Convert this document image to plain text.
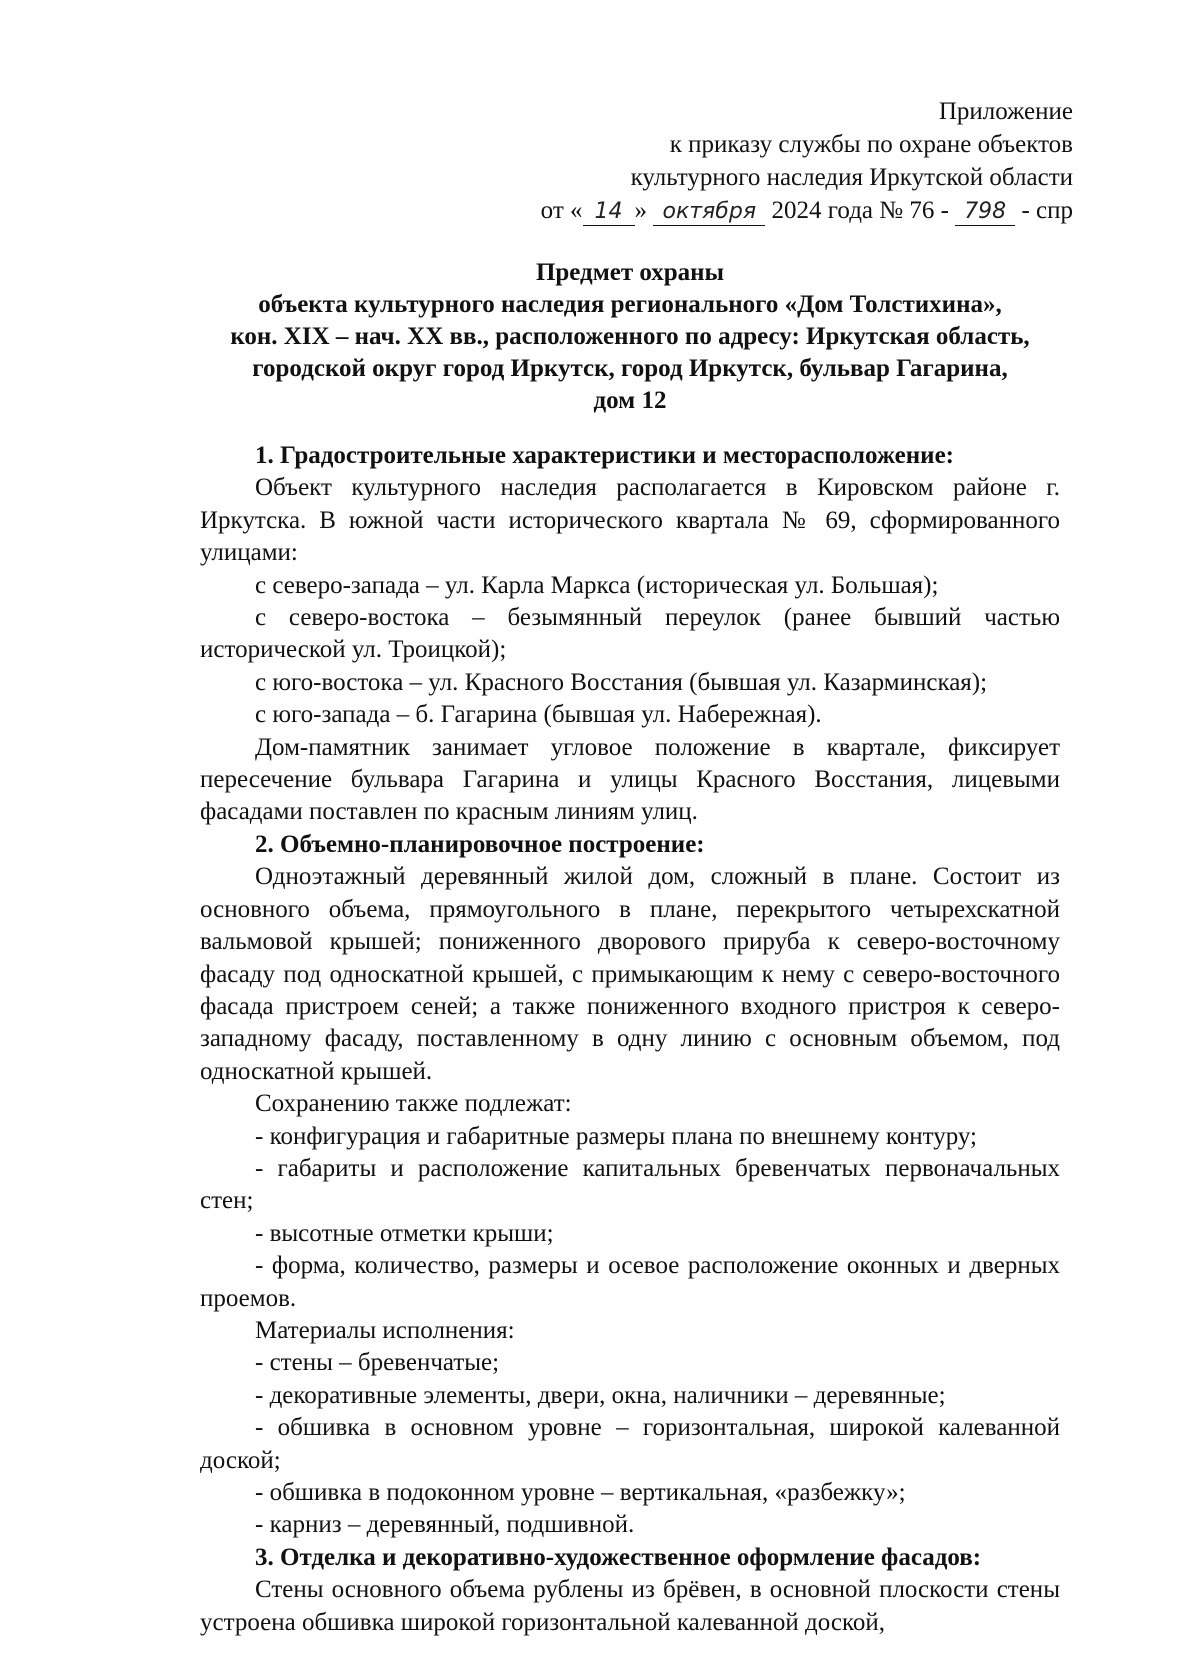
Приложение
к приказу службы по охране объектов
культурного наследия Иркутской области
от « 14 » октября 2024 года № 76 - 798 - спр
Предмет охраны
объекта культурного наследия регионального «Дом Толстихина»,
кон. XIX – нач. XX вв., расположенного по адресу: Иркутская область,
городской округ город Иркутск, город Иркутск, бульвар Гагарина,
дом 12

1. Градостроительные характеристики и месторасположение:

Объект культурного наследия располагается в Кировском районе г. Иркутска. В южной части исторического квартала № 69, сформированного улицами:

с северо-запада – ул. Карла Маркса (историческая ул. Большая);

с северо-востока – безымянный переулок (ранее бывший частью исторической ул. Троицкой);

с юго-востока – ул. Красного Восстания (бывшая ул. Казарминская);

с юго-запада – б. Гагарина (бывшая ул. Набережная).

Дом-памятник занимает угловое положение в квартале, фиксирует пересечение бульвара Гагарина и улицы Красного Восстания, лицевыми фасадами поставлен по красным линиям улиц.

2. Объемно-планировочное построение:

Одноэтажный деревянный жилой дом, сложный в плане. Состоит из основного объема, прямоугольного в плане, перекрытого четырехскатной вальмовой крышей; пониженного дворового прируба к северо-восточному фасаду под односкатной крышей, с примыкающим к нему с северо-восточного фасада пристроем сеней; а также пониженного входного пристроя к северо-западному фасаду, поставленному в одну линию с основным объемом, под односкатной крышей.

Сохранению также подлежат:

- конфигурация и габаритные размеры плана по внешнему контуру;

- габариты и расположение капитальных бревенчатых первоначальных стен;

- высотные отметки крыши;

- форма, количество, размеры и осевое расположение оконных и дверных проемов.

Материалы исполнения:

- стены – бревенчатые;

- декоративные элементы, двери, окна, наличники – деревянные;

- обшивка в основном уровне – горизонтальная, широкой калеванной доской;

- обшивка в подоконном уровне – вертикальная, «разбежку»;

- карниз – деревянный, подшивной.

3. Отделка и декоративно-художественное оформление фасадов:

Стены основного объема рублены из брёвен, в основной плоскости стены устроена обшивка широкой горизонтальной калеванной доской,
